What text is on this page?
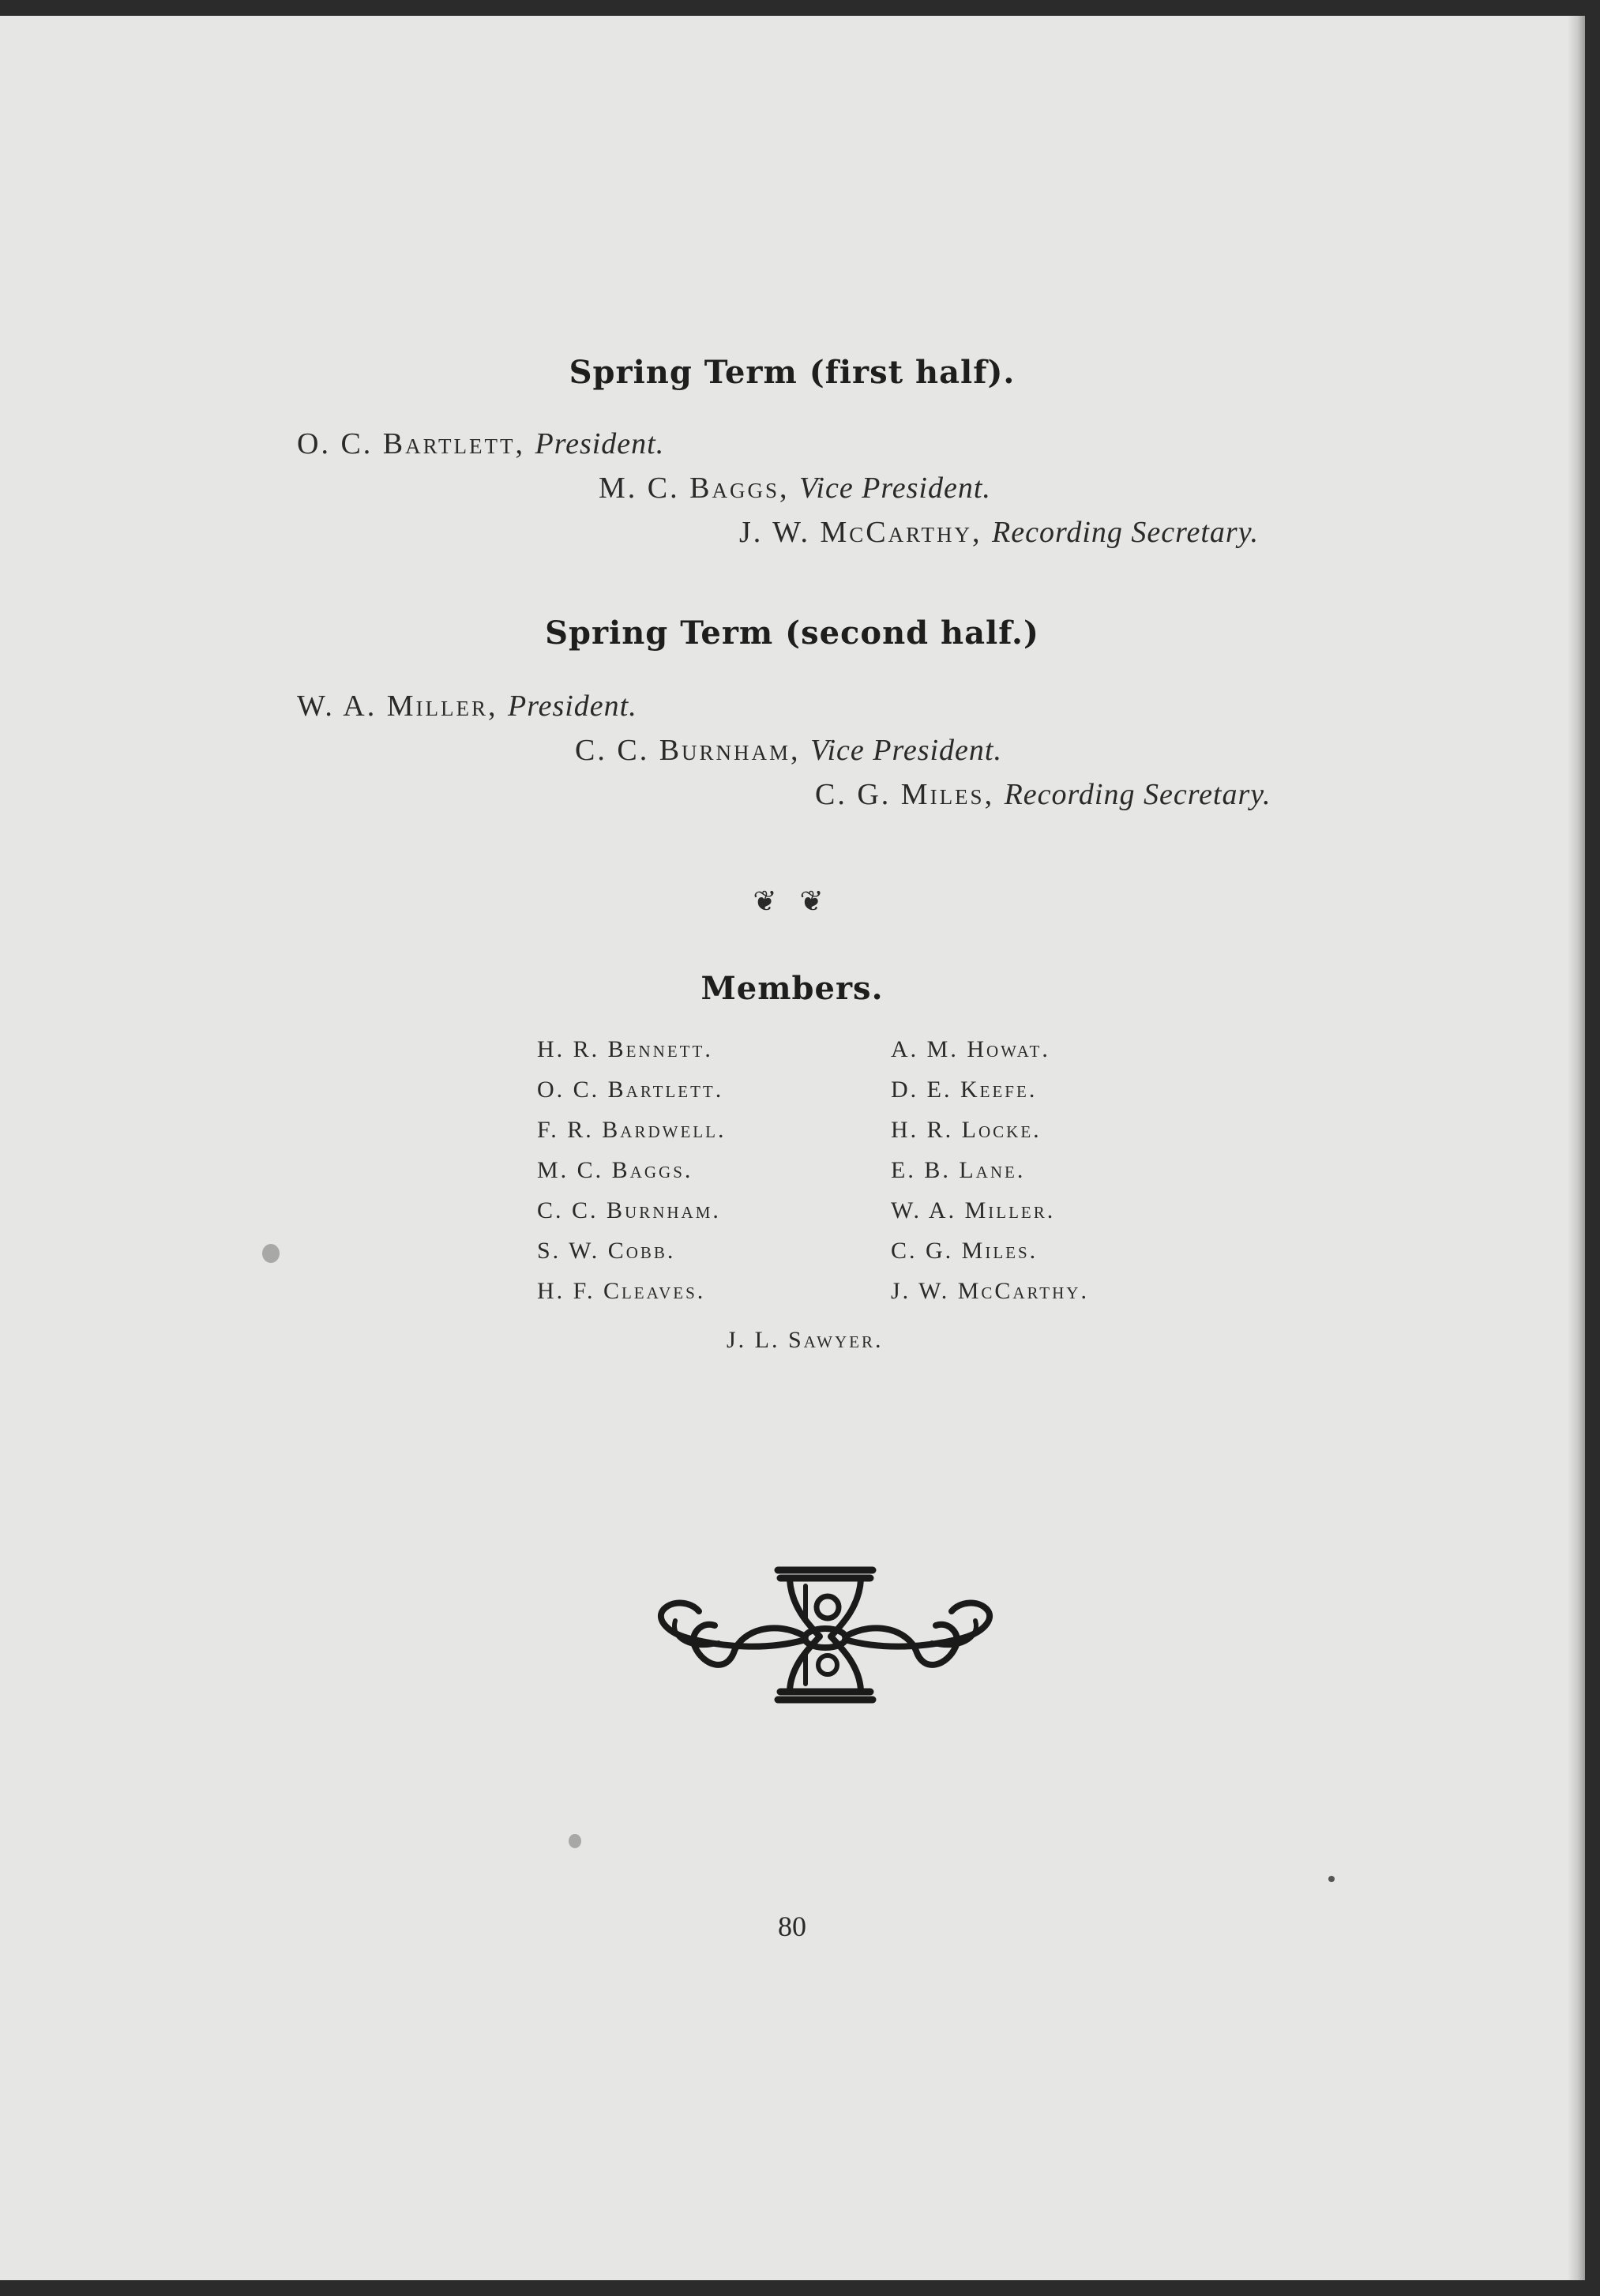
Spring Term (first half).
O. C. Bartlett, President.
M. C. Baggs, Vice President.
J. W. McCarthy, Recording Secretary.
Spring Term (second half.)
W. A. Miller, President.
C. C. Burnham, Vice President.
C. G. Miles, Recording Secretary.
❦ ❦
Members.
H. R. Bennett.
O. C. Bartlett.
F. R. Bardwell.
M. C. Baggs.
C. C. Burnham.
S. W. Cobb.
H. F. Cleaves.
A. M. Howat.
D. E. Keefe.
H. R. Locke.
E. B. Lane.
W. A. Miller.
C. G. Miles.
J. W. McCarthy.
J. L. Sawyer.
80
